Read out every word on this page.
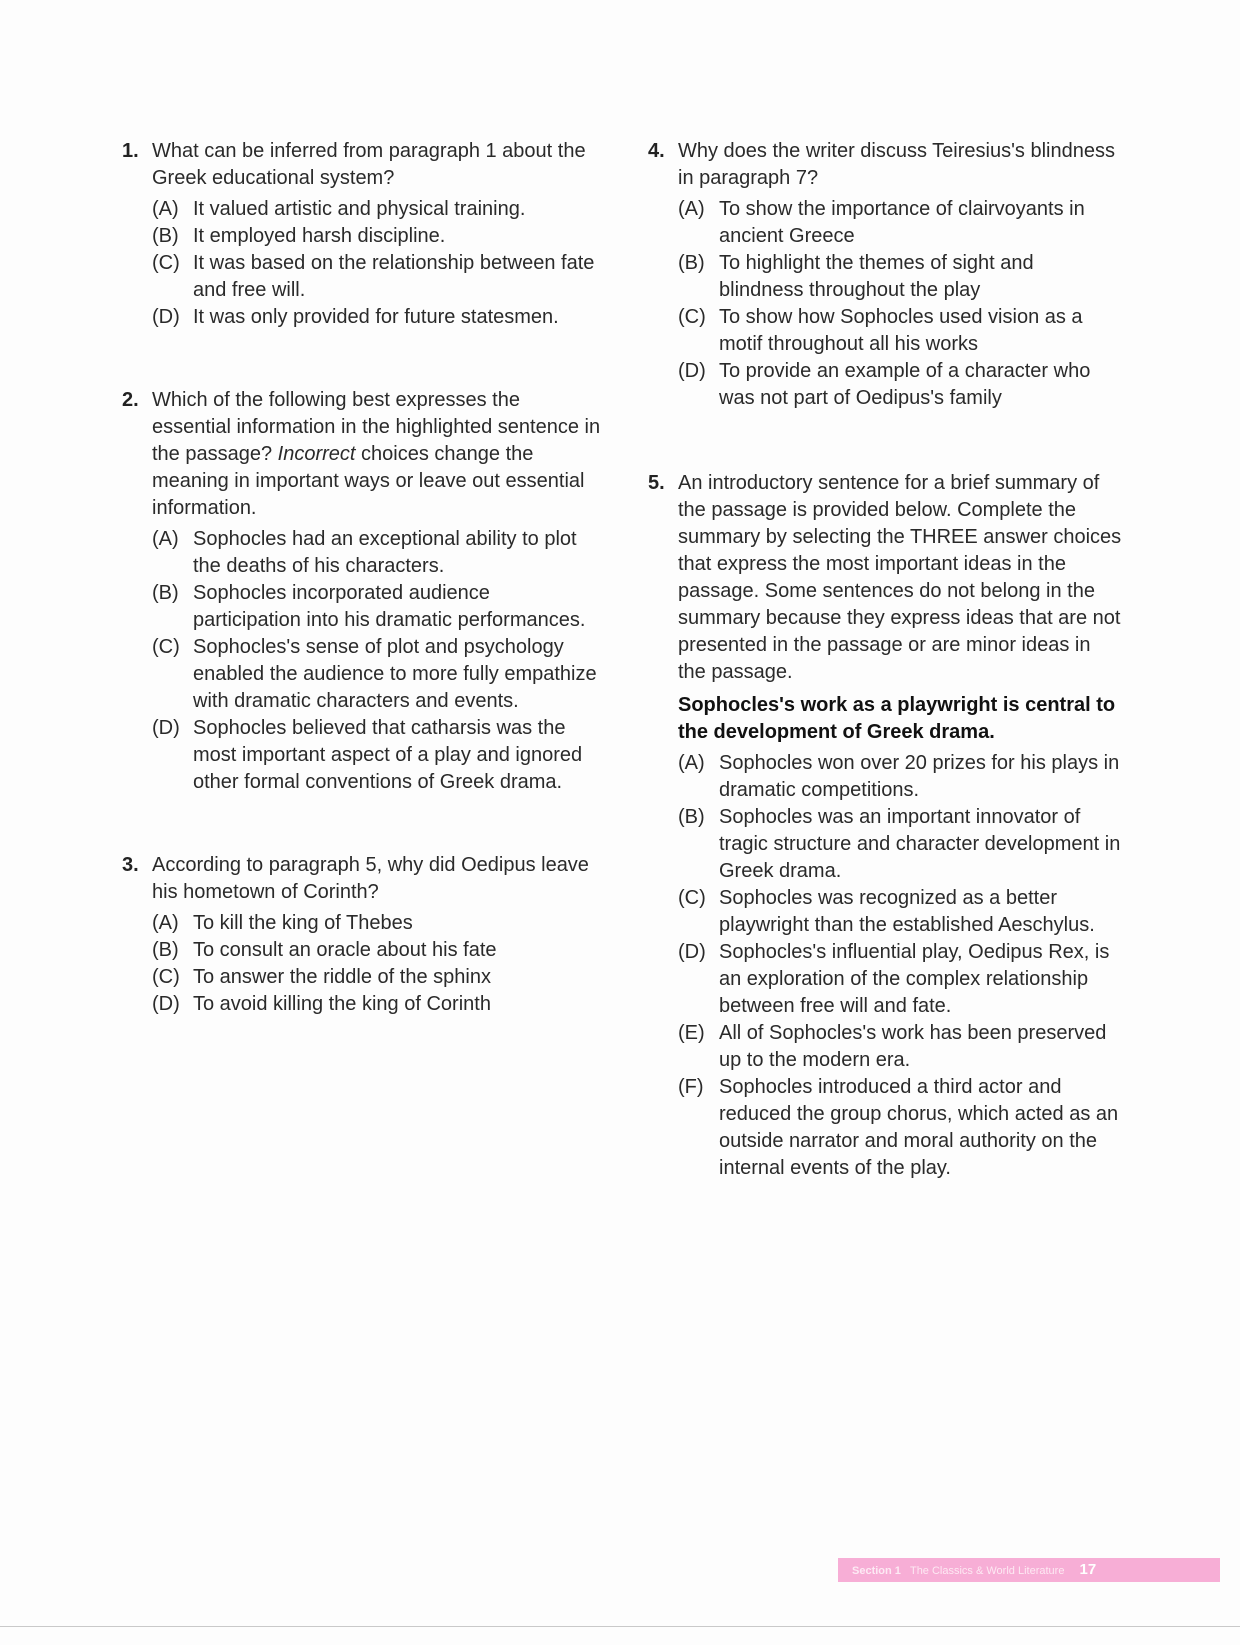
1. What can be inferred from paragraph 1 about the Greek educational system?

(A) It valued artistic and physical training.
(B) It employed harsh discipline.
(C) It was based on the relationship between fate and free will.
(D) It was only provided for future statesmen.
2. Which of the following best expresses the essential information in the highlighted sentence in the passage? Incorrect choices change the meaning in important ways or leave out essential information.

(A) Sophocles had an exceptional ability to plot the deaths of his characters.
(B) Sophocles incorporated audience participation into his dramatic performances.
(C) Sophocles's sense of plot and psychology enabled the audience to more fully empathize with dramatic characters and events.
(D) Sophocles believed that catharsis was the most important aspect of a play and ignored other formal conventions of Greek drama.
3. According to paragraph 5, why did Oedipus leave his hometown of Corinth?

(A) To kill the king of Thebes
(B) To consult an oracle about his fate
(C) To answer the riddle of the sphinx
(D) To avoid killing the king of Corinth
4. Why does the writer discuss Teiresius's blindness in paragraph 7?

(A) To show the importance of clairvoyants in ancient Greece
(B) To highlight the themes of sight and blindness throughout the play
(C) To show how Sophocles used vision as a motif throughout all his works
(D) To provide an example of a character who was not part of Oedipus's family
5. An introductory sentence for a brief summary of the passage is provided below. Complete the summary by selecting the THREE answer choices that express the most important ideas in the passage. Some sentences do not belong in the summary because they express ideas that are not presented in the passage or are minor ideas in the passage.

Sophocles's work as a playwright is central to the development of Greek drama.

(A) Sophocles won over 20 prizes for his plays in dramatic competitions.
(B) Sophocles was an important innovator of tragic structure and character development in Greek drama.
(C) Sophocles was recognized as a better playwright than the established Aeschylus.
(D) Sophocles's influential play, Oedipus Rex, is an exploration of the complex relationship between free will and fate.
(E) All of Sophocles's work has been preserved up to the modern era.
(F) Sophocles introduced a third actor and reduced the group chorus, which acted as an outside narrator and moral authority on the internal events of the play.
Section 1 The Classics & World Literature 17
